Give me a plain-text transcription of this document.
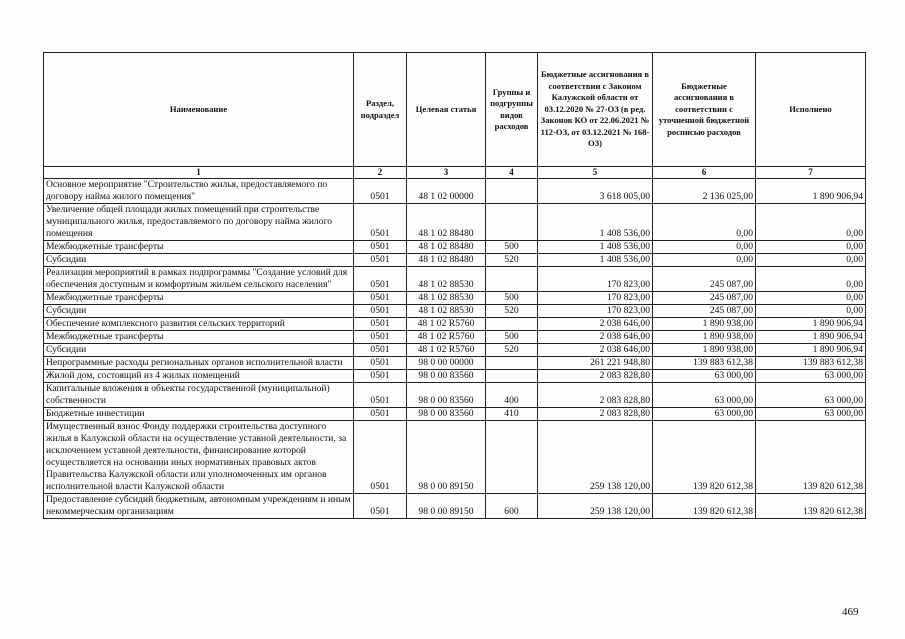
Наименование	Раздел, подраздел	Целевая статья	Группы и подгруппы видов расходов	Бюджетные ассигнования в соответствии с Законом Калужской области от 03.12.2020 № 27-ОЗ (в ред. Законов КО от 22.06.2021 № 112-ОЗ, от 03.12.2021 № 168-ОЗ)	Бюджетные ассигнования в соответствии с уточненной бюджетной росписью расходов	Исполнено
1	2	3	4	5	6	7
Основное мероприятие "Строительство жилья, предоставляемого по договору найма жилого помещения"	0501	48 1 02 00000		3 618 005,00	2 136 025,00	1 890 906,94
Увеличение общей площади жилых помещений при строительстве муниципального жилья, предоставляемого по договору найма жилого помещения	0501	48 1 02 88480		1 408 536,00	0,00	0,00
Межбюджетные трансферты	0501	48 1 02 88480	500	1 408 536,00	0,00	0,00
Субсидии	0501	48 1 02 88480	520	1 408 536,00	0,00	0,00
Реализация мероприятий в рамках подпрограммы "Создание условий для обеспечения доступным и комфортным жильем сельского населения"	0501	48 1 02 88530		170 823,00	245 087,00	0,00
Межбюджетные трансферты	0501	48 1 02 88530	500	170 823,00	245 087,00	0,00
Субсидии	0501	48 1 02 88530	520	170 823,00	245 087,00	0,00
Обеспечение комплексного развития сельских территорий	0501	48 1 02 R5760		2 038 646,00	1 890 938,00	1 890 906,94
Межбюджетные трансферты	0501	48 1 02 R5760	500	2 038 646,00	1 890 938,00	1 890 906,94
Субсидии	0501	48 1 02 R5760	520	2 038 646,00	1 890 938,00	1 890 906,94
Непрограммные расходы региональных органов исполнительной власти	0501	98 0 00 00000		261 221 948,80	139 883 612,38	139 883 612,38
Жилой дом, состоящий из 4 жилых помещений	0501	98 0 00 83560		2 083 828,80	63 000,00	63 000,00
Капитальные вложения в объекты государственной (муниципальной) собственности	0501	98 0 00 83560	400	2 083 828,80	63 000,00	63 000,00
Бюджетные инвестиции	0501	98 0 00 83560	410	2 083 828,80	63 000,00	63 000,00
Имущественный взнос Фонду поддержки строительства доступного жилья в Калужской области на осуществление уставной деятельности, за исключением уставной деятельности, финансирование которой осуществляется на основании иных нормативных правовых актов Правительства Калужской области или уполномоченных им органов исполнительной власти Калужской области	0501	98 0 00 89150		259 138 120,00	139 820 612,38	139 820 612,38
Предоставление субсидий бюджетным, автономным учреждениям и иным некоммерческим организациям	0501	98 0 00 89150	600	259 138 120,00	139 820 612,38	139 820 612,38
469
